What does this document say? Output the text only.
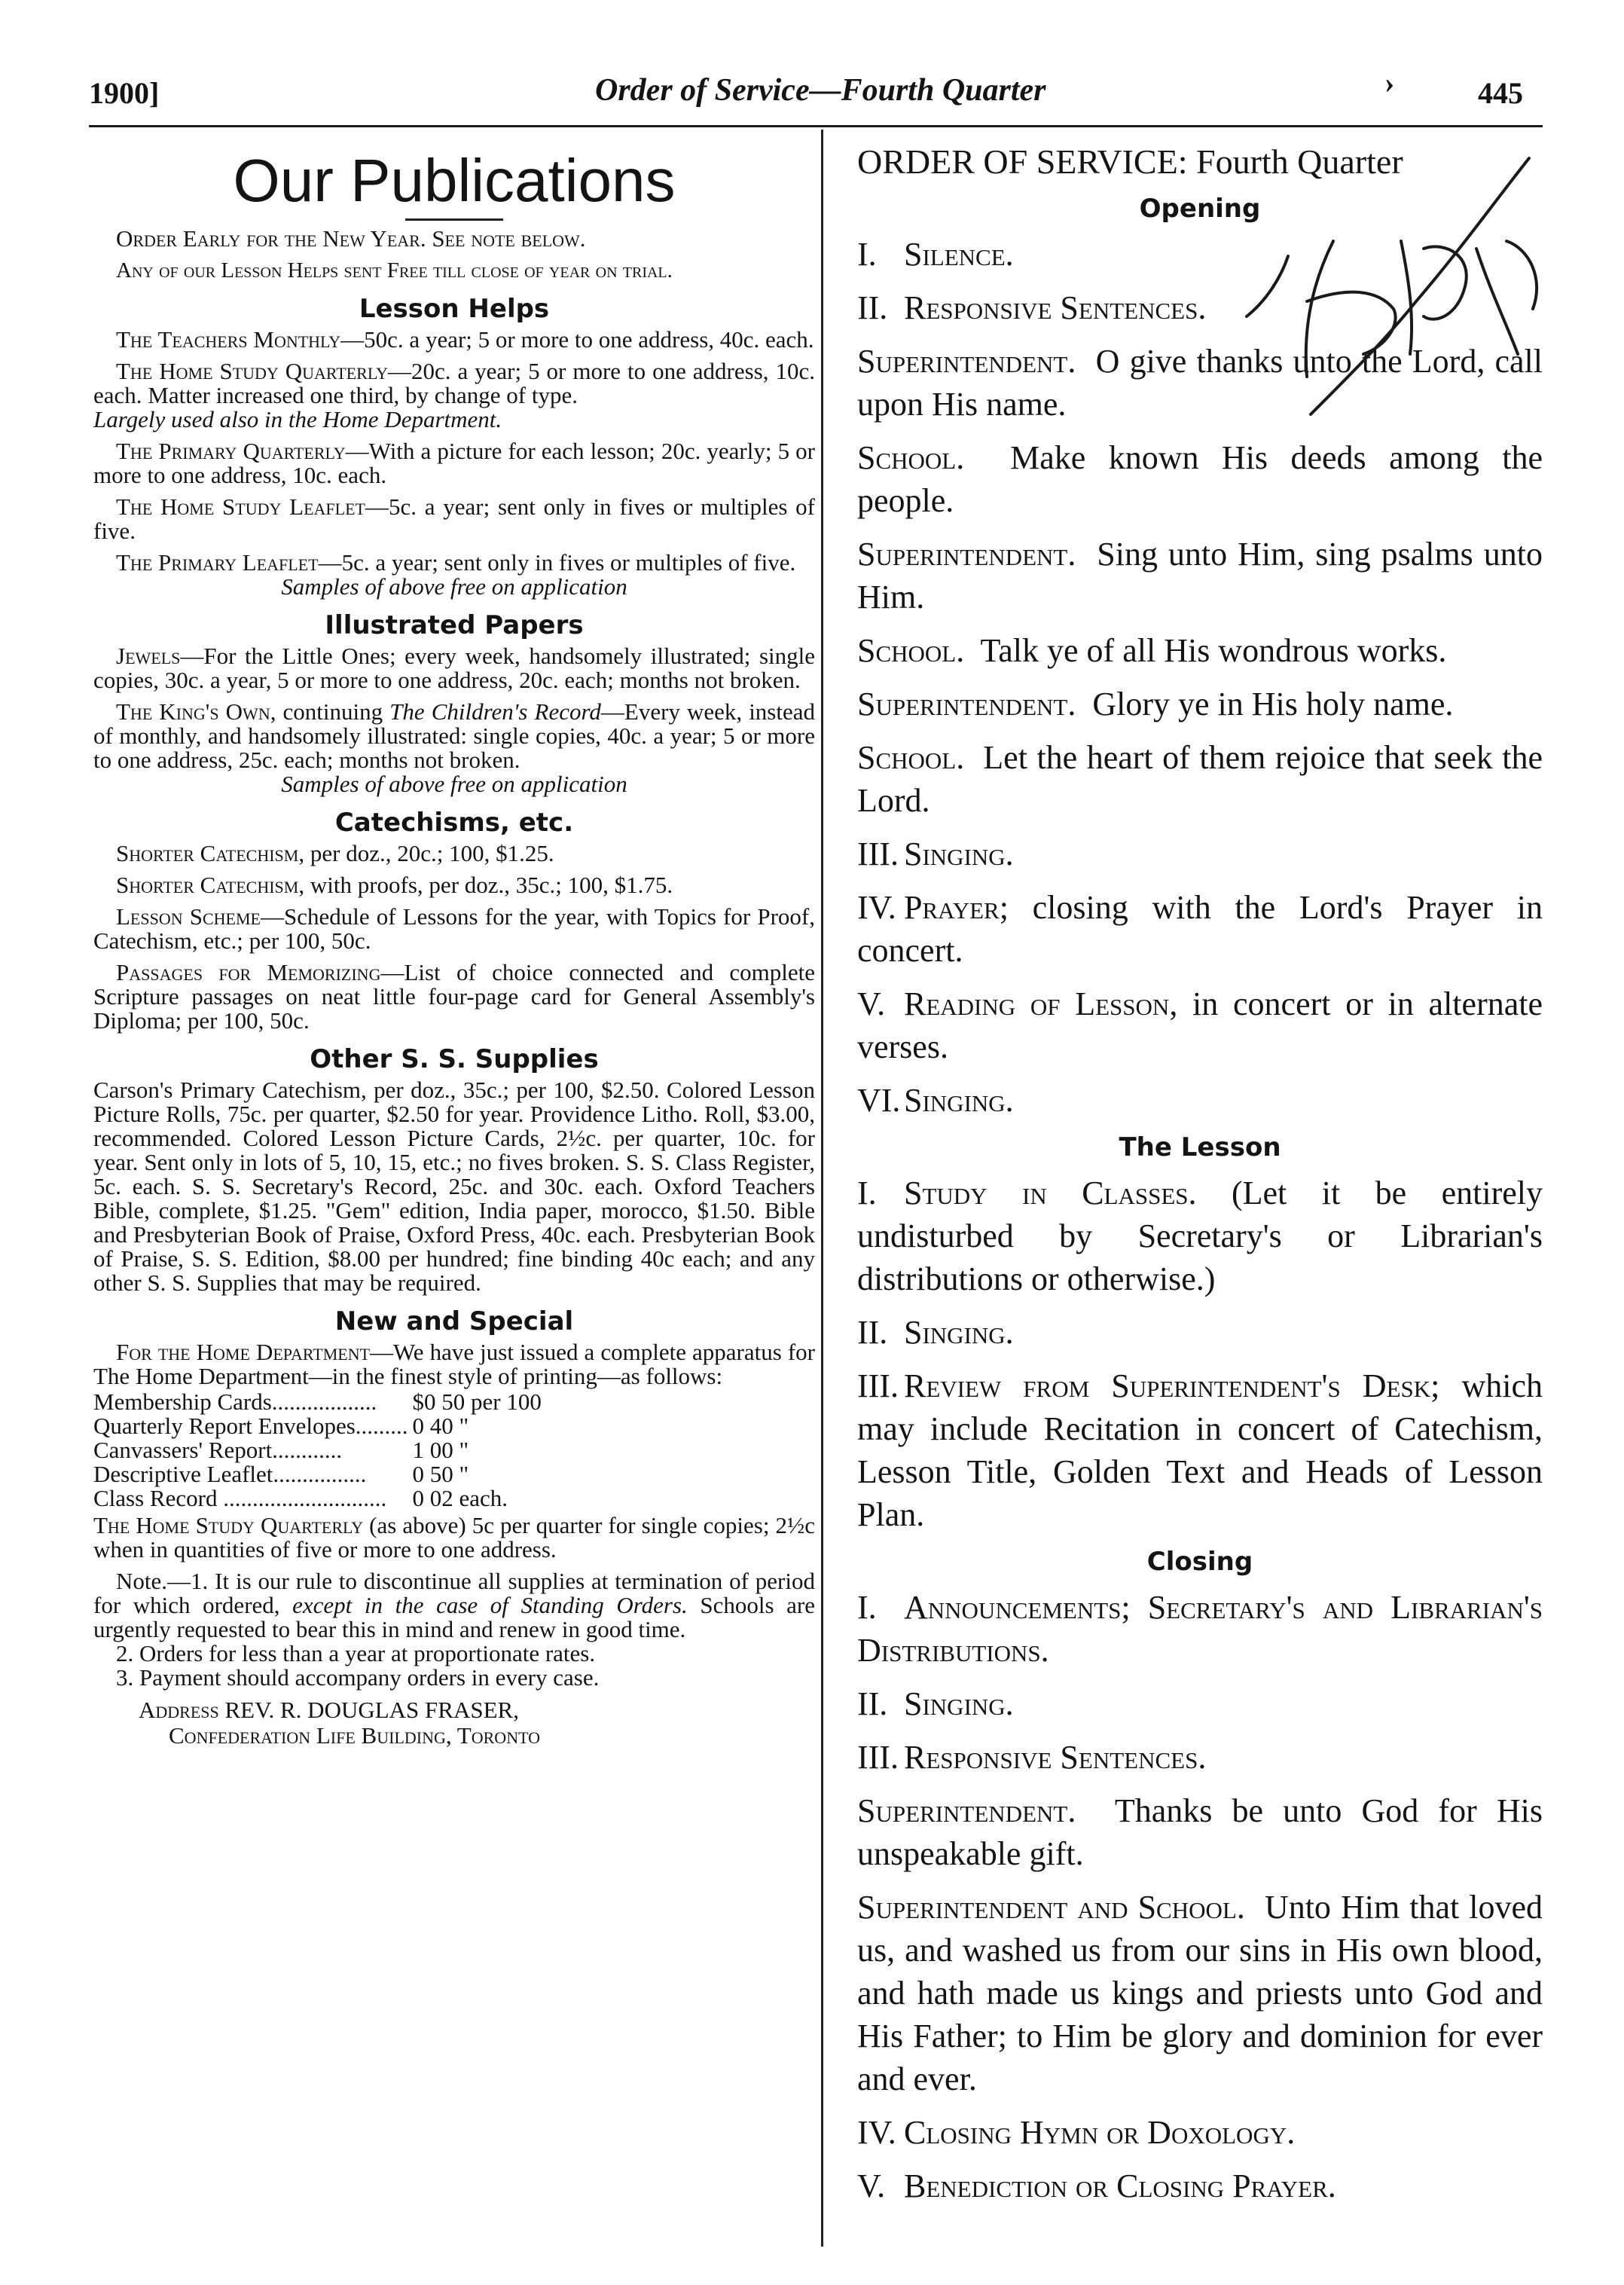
1900]	Order of Service—Fourth Quarter	›	445
Our Publications

Order Early for the New Year. See note below.

Any of our Lesson Helps sent Free till close of year on trial.

Lesson Helps

The Teachers Monthly—50c. a year; 5 or more to one address, 40c. each.

The Home Study Quarterly—20c. a year; 5 or more to one address, 10c. each. Matter increased one third, by change of type.

Largely used also in the Home Department.

The Primary Quarterly—With a picture for each lesson; 20c. yearly; 5 or more to one address, 10c. each.

The Home Study Leaflet—5c. a year; sent only in fives or multiples of five.

The Primary Leaflet—5c. a year; sent only in fives or multiples of five.

Samples of above free on application

Illustrated Papers

Jewels—For the Little Ones; every week, handsomely illustrated; single copies, 30c. a year, 5 or more to one address, 20c. each; months not broken.

The King's Own, continuing The Children's Record—Every week, instead of monthly, and handsomely illustrated: single copies, 40c. a year; 5 or more to one address, 25c. each; months not broken.

Samples of above free on application

Catechisms, etc.

Shorter Catechism, per doz., 20c.; 100, $1.25.

Shorter Catechism, with proofs, per doz., 35c.; 100, $1.75.

Lesson Scheme—Schedule of Lessons for the year, with Topics for Proof, Catechism, etc.; per 100, 50c.

Passages for Memorizing—List of choice connected and complete Scripture passages on neat little four-page card for General Assembly's Diploma; per 100, 50c.

Other S. S. Supplies

Carson's Primary Catechism, per doz., 35c.; per 100, $2.50. Colored Lesson Picture Rolls, 75c. per quarter, $2.50 for year. Providence Litho. Roll, $3.00, recommended. Colored Lesson Picture Cards, 2½c. per quarter, 10c. for year. Sent only in lots of 5, 10, 15, etc.; no fives broken. S. S. Class Register, 5c. each. S. S. Secretary's Record, 25c. and 30c. each. Oxford Teachers Bible, complete, $1.25. "Gem" edition, India paper, morocco, $1.50. Bible and Presbyterian Book of Praise, Oxford Press, 40c. each. Presbyterian Book of Praise, S. S. Edition, $8.00 per hundred; fine binding 40c each; and any other S. S. Supplies that may be required.

New and Special

For the Home Department—We have just issued a complete apparatus for The Home Department—in the finest style of printing—as follows:

Membership Cards..................	$0 50 per 100
Quarterly Report Envelopes.........	0 40 "
Canvassers' Report............	1 00 "
Descriptive Leaflet................	0 50 "
Class Record ............................	0 02 each.

The Home Study Quarterly (as above) 5c per quarter for single copies; 2½c when in quantities of five or more to one address.

Note.—1. It is our rule to discontinue all supplies at termination of period for which ordered, except in the case of Standing Orders. Schools are urgently requested to bear this in mind and renew in good time.

2. Orders for less than a year at proportionate rates.

3. Payment should accompany orders in every case.

Address REV. R. DOUGLAS FRASER,
Confederation Life Building, Toronto
ORDER OF SERVICE: Fourth Quarter
Opening

I. Silence.

II. Responsive Sentences.

Superintendent. O give thanks unto the Lord, call upon His name.

School. Make known His deeds among the people.

Superintendent. Sing unto Him, sing psalms unto Him.

School. Talk ye of all His wondrous works.

Superintendent. Glory ye in His holy name.

School. Let the heart of them rejoice that seek the Lord.

III. Singing.

IV. Prayer; closing with the Lord's Prayer in concert.

V. Reading of Lesson, in concert or in alternate verses.

VI. Singing.

The Lesson

I. Study in Classes. (Let it be entirely undisturbed by Secretary's or Librarian's distributions or otherwise.)

II. Singing.

III. Review from Superintendent's Desk; which may include Recitation in concert of Catechism, Lesson Title, Golden Text and Heads of Lesson Plan.

Closing

I. Announcements; Secretary's and Librarian's Distributions.

II. Singing.

III. Responsive Sentences.

Superintendent. Thanks be unto God for His unspeakable gift.

Superintendent and School. Unto Him that loved us, and washed us from our sins in His own blood, and hath made us kings and priests unto God and His Father; to Him be glory and dominion for ever and ever.

IV. Closing Hymn or Doxology.

V. Benediction or Closing Prayer.
